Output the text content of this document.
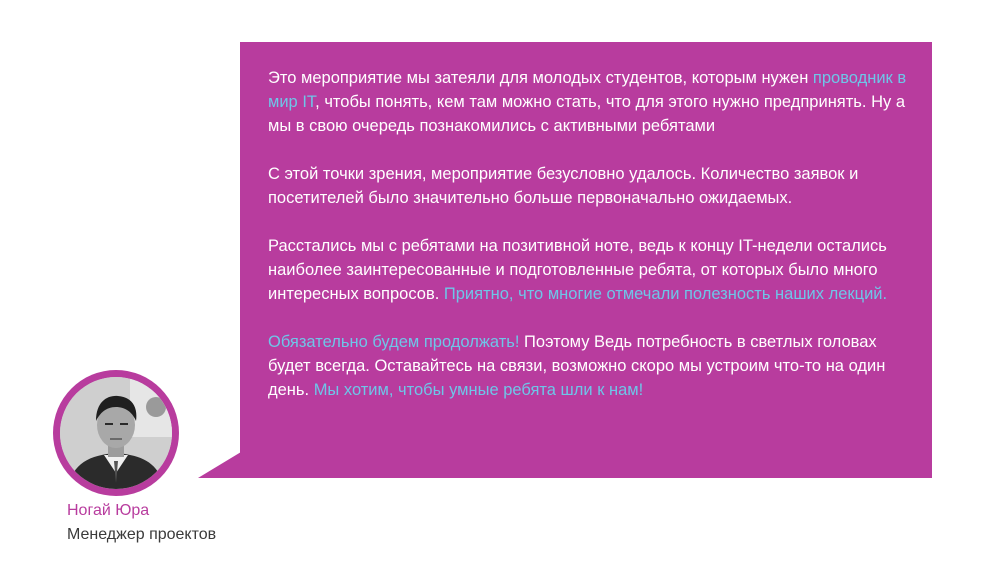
Это мероприятие мы затеяли для молодых студентов, которым нужен проводник в мир IT, чтобы понять, кем там можно стать, что для этого нужно предпринять. Ну а мы в свою очередь познакомились с активными ребятами

С этой точки зрения, мероприятие безусловно удалось. Количество заявок и посетителей было значительно больше первоначально ожидаемых.

Расстались мы с ребятами на позитивной ноте, ведь к концу IT-недели остались наиболее заинтересованные и подготовленные ребята, от которых было много интересных вопросов. Приятно, что многие отмечали полезность наших лекций.

Обязательно будем продолжать! Поэтому Ведь потребность в светлых головах будет всегда. Оставайтесь на связи, возможно скоро мы устроим что-то на один день. Мы хотим, чтобы умные ребята шли к нам!

Ногай Юра
Менеджер проектов
